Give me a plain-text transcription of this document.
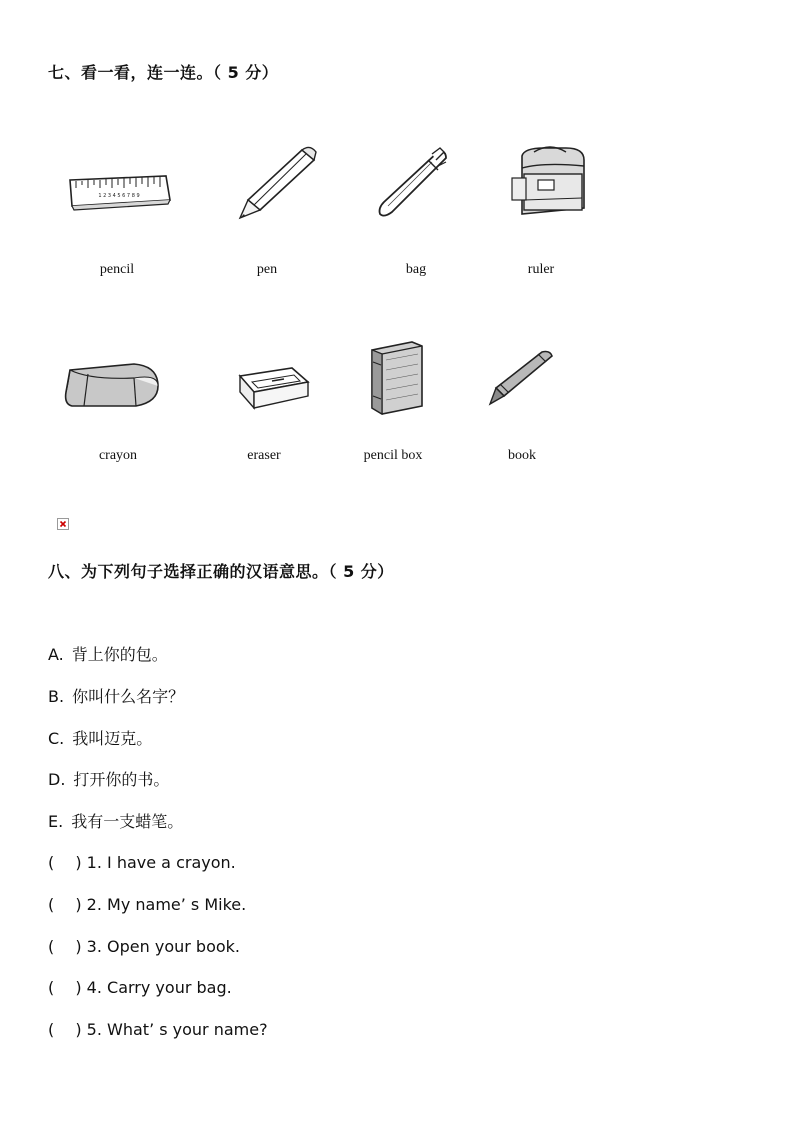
七、看一看，连一连。（ 5 分）
1 2 3 4 5 6 7 8 9
pencil	pen	bag	ruler
crayon	eraser	pencil box	book
八、为下列句子选择正确的汉语意思。（ 5 分）
A. 背上你的包。
B. 你叫什么名字？
C. 我叫迈克。
D. 打开你的书。
E. 我有一支蜡笔。
(　 ) 1. I have a crayon.
(　 ) 2. My name’ s Mike.
(　 ) 3. Open your book.
(　 ) 4. Carry your bag.
(　 ) 5. What’ s your name?
